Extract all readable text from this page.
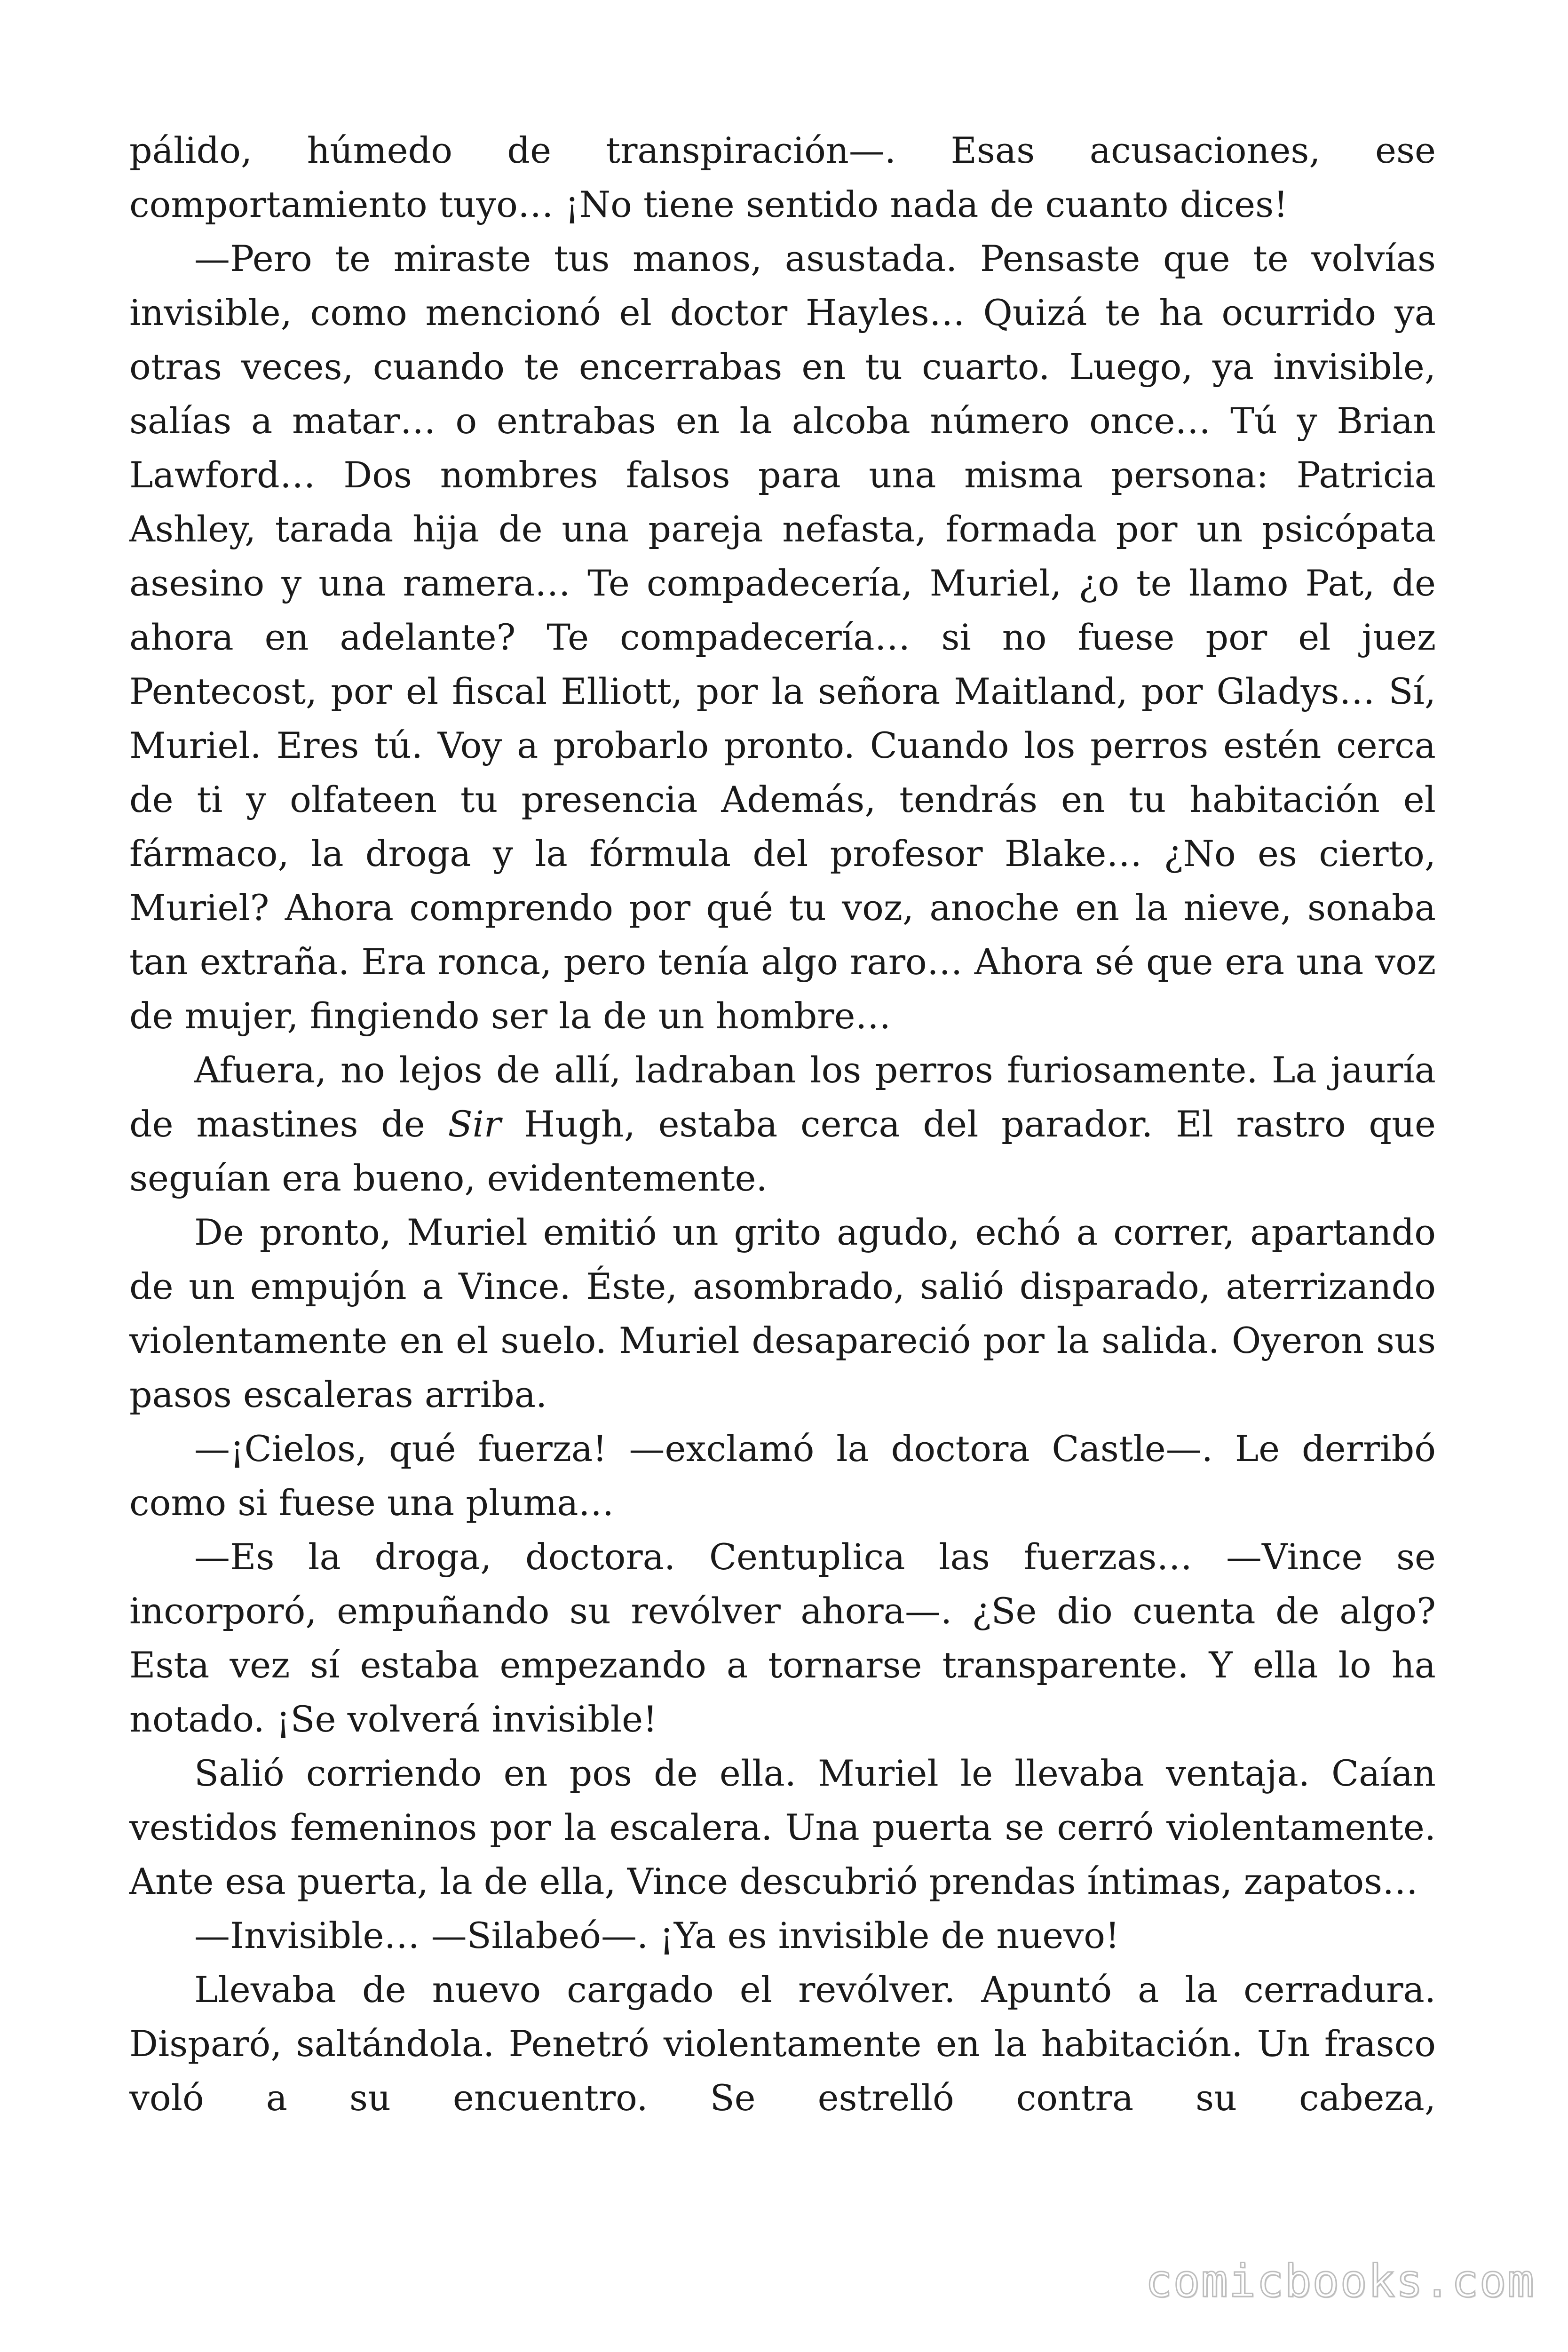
pálido, húmedo de transpiración—. Esas acusaciones, ese comportamiento tuyo… ¡No tiene sentido nada de cuanto dices!

—Pero te miraste tus manos, asustada. Pensaste que te volvías invisible, como mencionó el doctor Hayles… Quizá te ha ocurrido ya otras veces, cuando te encerrabas en tu cuarto. Luego, ya invisible, salías a matar… o entrabas en la alcoba número once… Tú y Brian Lawford… Dos nombres falsos para una misma persona: Patricia Ashley, tarada hija de una pareja nefasta, formada por un psicópata asesino y una ramera… Te compadecería, Muriel, ¿o te llamo Pat, de ahora en adelante? Te compadecería… si no fuese por el juez Pentecost, por el fiscal Elliott, por la señora Maitland, por Gladys… Sí, Muriel. Eres tú. Voy a probarlo pronto. Cuando los perros estén cerca de ti y olfateen tu presencia Además, tendrás en tu habitación el fármaco, la droga y la fórmula del profesor Blake… ¿No es cierto, Muriel? Ahora comprendo por qué tu voz, anoche en la nieve, sonaba tan extraña. Era ronca, pero tenía algo raro… Ahora sé que era una voz de mujer, fingiendo ser la de un hombre…

Afuera, no lejos de allí, ladraban los perros furiosamente. La jauría de mastines de Sir Hugh, estaba cerca del parador. El rastro que seguían era bueno, evidentemente.

De pronto, Muriel emitió un grito agudo, echó a correr, apartando de un empujón a Vince. Éste, asombrado, salió disparado, aterrizando violentamente en el suelo. Muriel desapareció por la salida. Oyeron sus pasos escaleras arriba.

—¡Cielos, qué fuerza! —exclamó la doctora Castle—. Le derribó como si fuese una pluma…

—Es la droga, doctora. Centuplica las fuerzas… —Vince se incorporó, empuñando su revólver ahora—. ¿Se dio cuenta de algo? Esta vez sí estaba empezando a tornarse transparente. Y ella lo ha notado. ¡Se volverá invisible!

Salió corriendo en pos de ella. Muriel le llevaba ventaja. Caían vestidos femeninos por la escalera. Una puerta se cerró violentamente. Ante esa puerta, la de ella, Vince descubrió prendas íntimas, zapatos…

—Invisible… —Silabeó—. ¡Ya es invisible de nuevo!

Llevaba de nuevo cargado el revólver. Apuntó a la cerradura. Disparó, saltándola. Penetró violentamente en la habitación. Un frasco voló a su encuentro. Se estrelló contra su cabeza,

comicbooks.com
